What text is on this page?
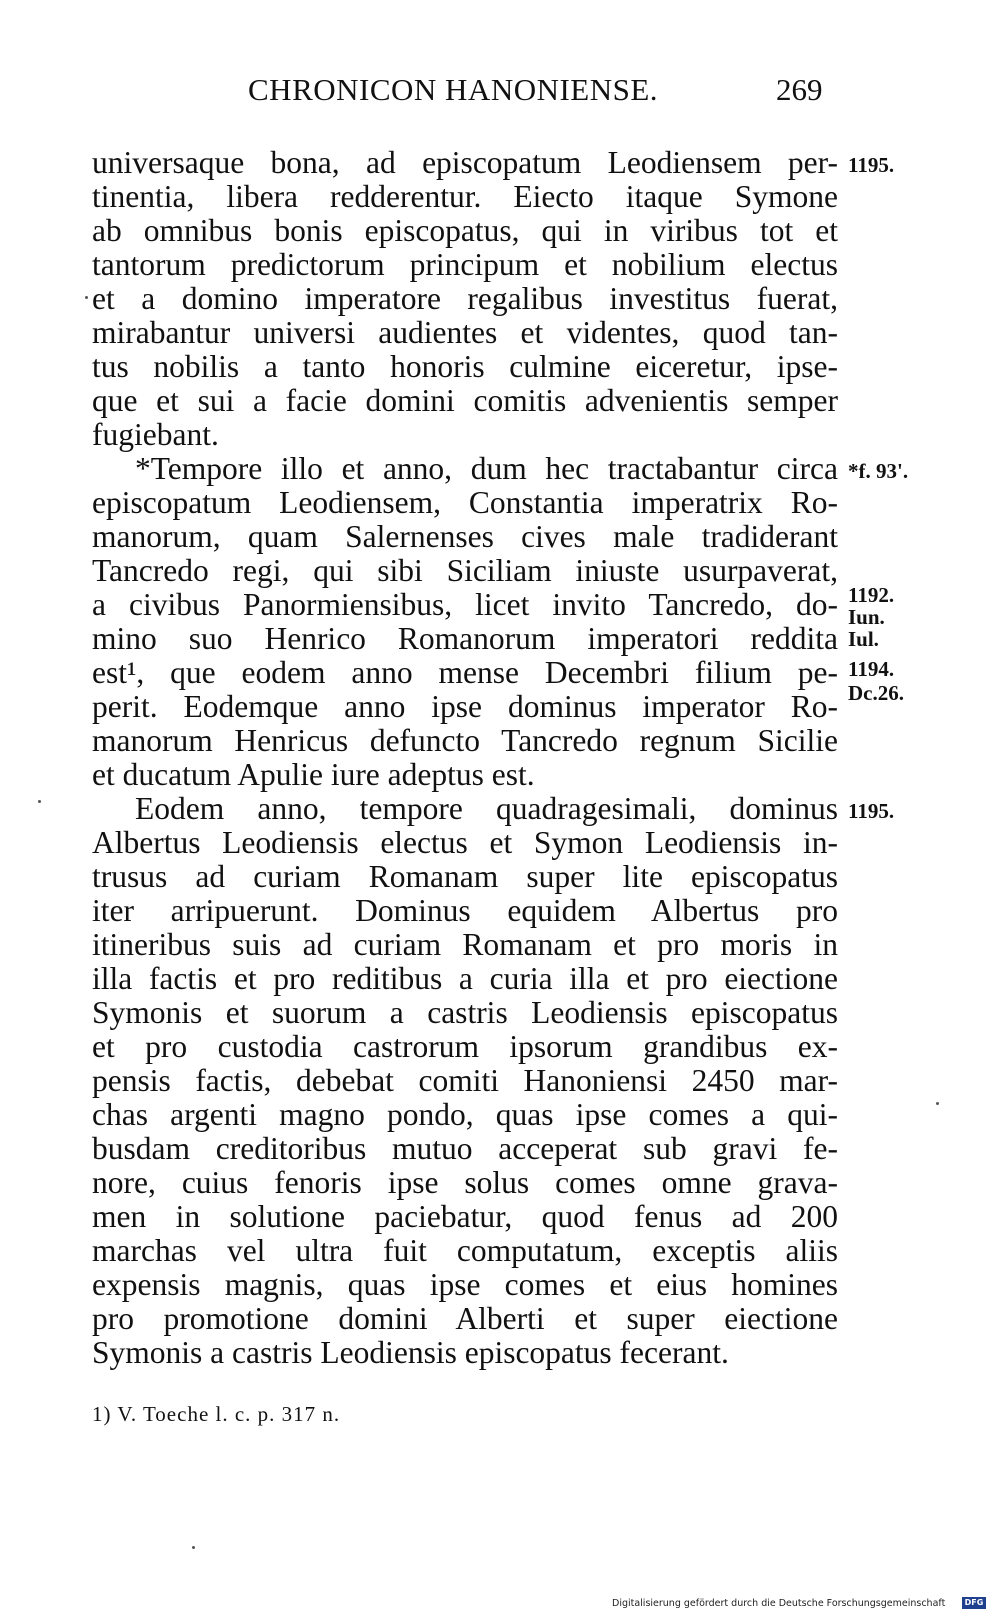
CHRONICON HANONIENSE.	269
universaque bona, ad episcopatum Leodiensem per-
tinentia, libera redderentur. Eiecto itaque Symone
ab omnibus bonis episcopatus, qui in viribus tot et
tantorum predictorum principum et nobilium electus
et a domino imperatore regalibus investitus fuerat,
mirabantur universi audientes et videntes, quod tan-
tus nobilis a tanto honoris culmine eiceretur, ipse-
que et sui a facie domini comitis advenientis semper
fugiebant.
*Tempore illo et anno, dum hec tractabantur circa
episcopatum Leodiensem, Constantia imperatrix Ro-
manorum, quam Salernenses cives male tradiderant
Tancredo regi, qui sibi Siciliam iniuste usurpaverat,
a civibus Panormiensibus, licet invito Tancredo, do-
mino suo Henrico Romanorum imperatori reddita
est¹, que eodem anno mense Decembri filium pe-
perit. Eodemque anno ipse dominus imperator Ro-
manorum Henricus defuncto Tancredo regnum Sicilie
et ducatum Apulie iure adeptus est.
Eodem anno, tempore quadragesimali, dominus
Albertus Leodiensis electus et Symon Leodiensis in-
trusus ad curiam Romanam super lite episcopatus
iter arripuerunt. Dominus equidem Albertus pro
itineribus suis ad curiam Romanam et pro moris in
illa factis et pro reditibus a curia illa et pro eiectione
Symonis et suorum a castris Leodiensis episcopatus
et pro custodia castrorum ipsorum grandibus ex-
pensis factis, debebat comiti Hanoniensi 2450 mar-
chas argenti magno pondo, quas ipse comes a qui-
busdam creditoribus mutuo acceperat sub gravi fe-
nore, cuius fenoris ipse solus comes omne grava-
men in solutione paciebatur, quod fenus ad 200
marchas vel ultra fuit computatum, exceptis aliis
expensis magnis, quas ipse comes et eius homines
pro promotione domini Alberti et super eiectione
Symonis a castris Leodiensis episcopatus fecerant.
1195.
*f. 93'.
1192.
Iun.
Iul.
1194.
Dc.26.
1195.
1) V. Toeche l. c. p. 317 n.
Digitalisierung gefördert durch die Deutsche Forschungsgemeinschaft	DFG
